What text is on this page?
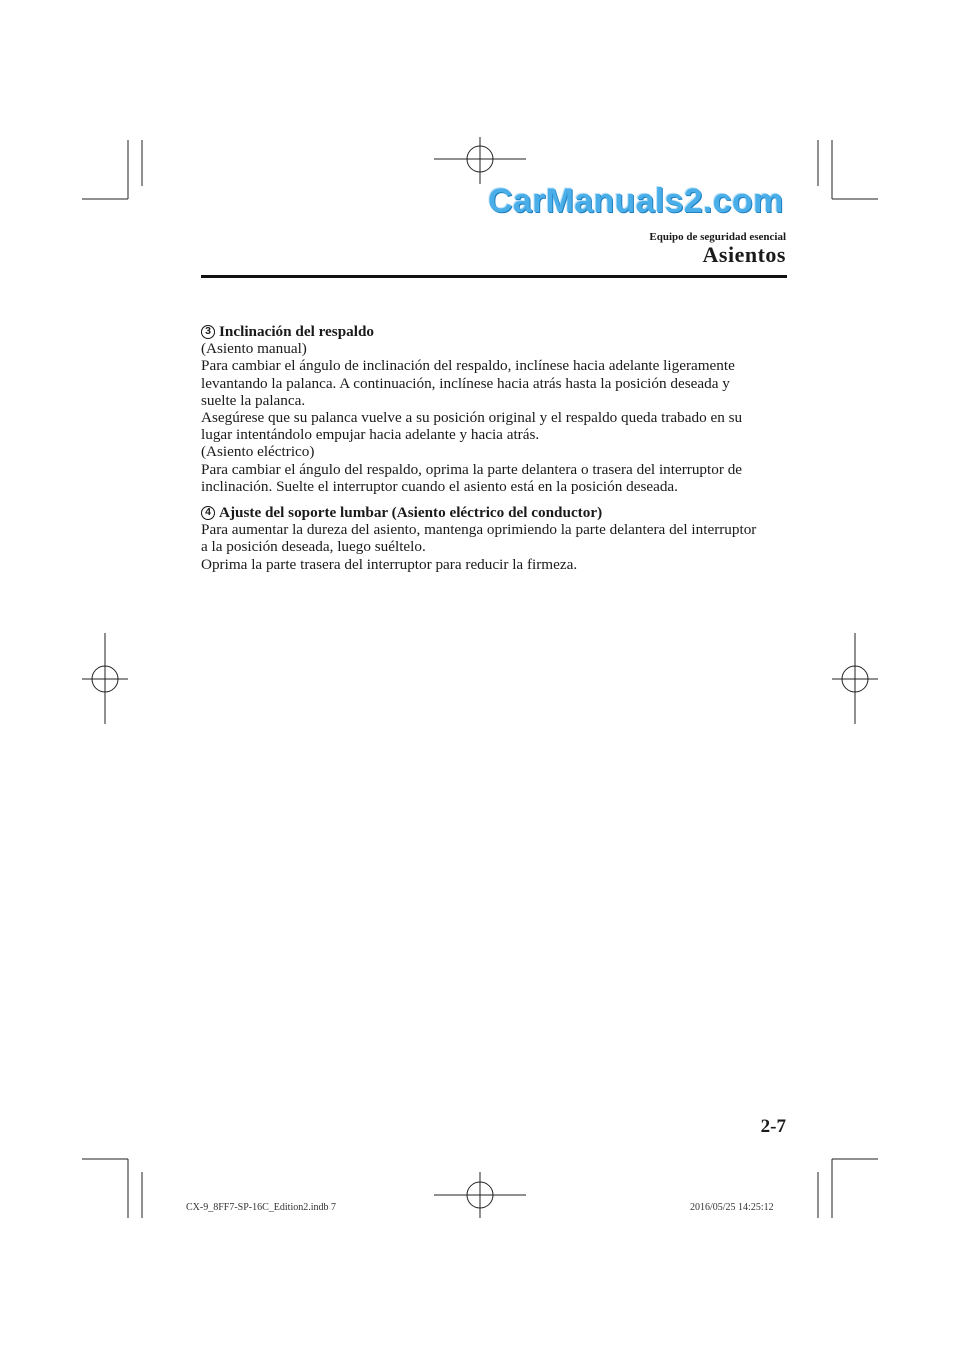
CarManuals2.com
Equipo de seguridad esencial
Asientos
3 Inclinación del respaldo

(Asiento manual)

Para cambiar el ángulo de inclinación del respaldo, inclínese hacia adelante ligeramente

levantando la palanca. A continuación, inclínese hacia atrás hasta la posición deseada y

suelte la palanca.

Asegúrese que su palanca vuelve a su posición original y el respaldo queda trabado en su

lugar intentándolo empujar hacia adelante y hacia atrás.

(Asiento eléctrico)

Para cambiar el ángulo del respaldo, oprima la parte delantera o trasera del interruptor de

inclinación. Suelte el interruptor cuando el asiento está en la posición deseada.

4 Ajuste del soporte lumbar (Asiento eléctrico del conductor)

Para aumentar la dureza del asiento, mantenga oprimiendo la parte delantera del interruptor

a la posición deseada, luego suéltelo.

Oprima la parte trasera del interruptor para reducir la firmeza.

2-7
CX-9_8FF7-SP-16C_Edition2.indb 7	2016/05/25 14:25:12
